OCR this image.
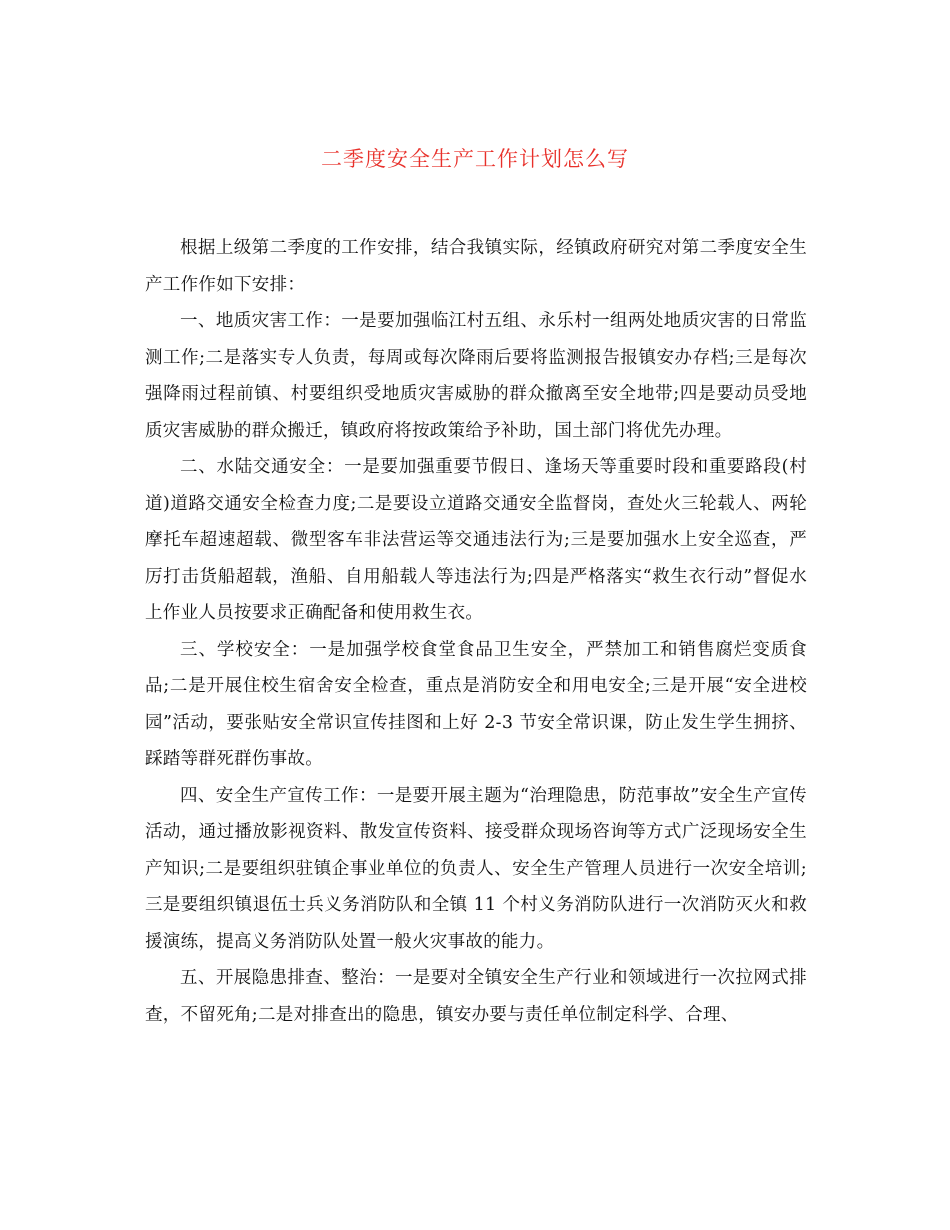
二季度安全生产工作计划怎么写

根据上级第二季度的工作安排，结合我镇实际，经镇政府研究对第二季度安全生产工作作如下安排：

一、地质灾害工作：一是要加强临江村五组、永乐村一组两处地质灾害的日常监测工作;二是落实专人负责，每周或每次降雨后要将监测报告报镇安办存档;三是每次强降雨过程前镇、村要组织受地质灾害威胁的群众撤离至安全地带;四是要动员受地质灾害威胁的群众搬迁，镇政府将按政策给予补助，国土部门将优先办理。

二、水陆交通安全：一是要加强重要节假日、逢场天等重要时段和重要路段(村道)道路交通安全检查力度;二是要设立道路交通安全监督岗，查处火三轮载人、两轮摩托车超速超载、微型客车非法营运等交通违法行为;三是要加强水上安全巡查，严厉打击货船超载，渔船、自用船载人等违法行为;四是严格落实“救生衣行动”督促水上作业人员按要求正确配备和使用救生衣。

三、学校安全：一是加强学校食堂食品卫生安全，严禁加工和销售腐烂变质食品;二是开展住校生宿舍安全检查，重点是消防安全和用电安全;三是开展“安全进校园”活动，要张贴安全常识宣传挂图和上好 2-3 节安全常识课，防止发生学生拥挤、踩踏等群死群伤事故。

四、安全生产宣传工作：一是要开展主题为“治理隐患，防范事故”安全生产宣传活动，通过播放影视资料、散发宣传资料、接受群众现场咨询等方式广泛现场安全生产知识;二是要组织驻镇企事业单位的负责人、安全生产管理人员进行一次安全培训;三是要组织镇退伍士兵义务消防队和全镇 11 个村义务消防队进行一次消防灭火和救援演练，提高义务消防队处置一般火灾事故的能力。

五、开展隐患排查、整治：一是要对全镇安全生产行业和领域进行一次拉网式排查，不留死角;二是对排查出的隐患，镇安办要与责任单位制定科学、合理、
